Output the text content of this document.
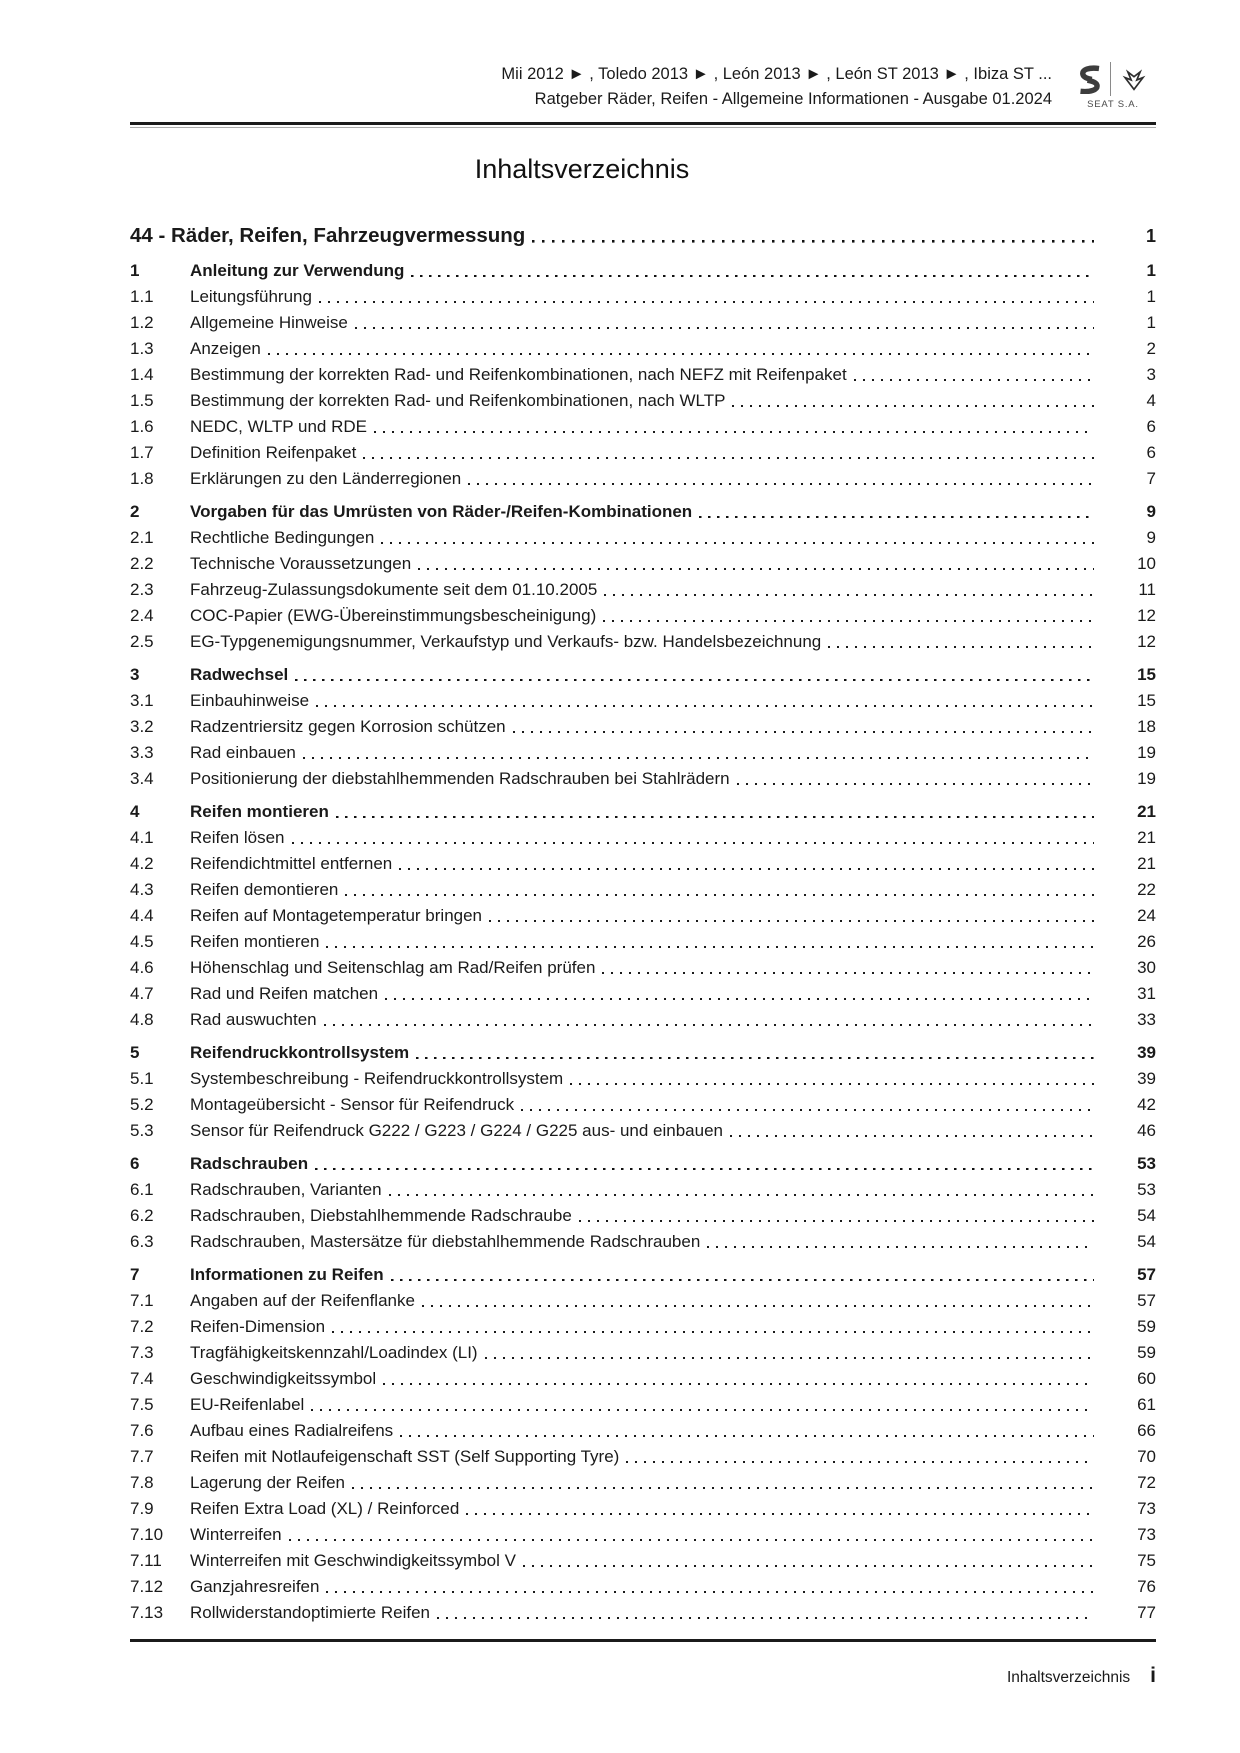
Mii 2012 ► , Toledo 2013 ► , León 2013 ► , León ST 2013 ► , Ibiza ST ...
Ratgeber Räder, Reifen - Allgemeine Informationen - Ausgabe 01.2024	SEAT S.A.
Inhaltsverzeichnis
44 - Räder, Reifen, Fahrzeugvermessung	1
1	Anleitung zur Verwendung	1
1.1	Leitungsführung	1
1.2	Allgemeine Hinweise	1
1.3	Anzeigen	2
1.4	Bestimmung der korrekten Rad- und Reifenkombinationen, nach NEFZ mit Reifenpaket	3
1.5	Bestimmung der korrekten Rad- und Reifenkombinationen, nach WLTP	4
1.6	NEDC, WLTP und RDE	6
1.7	Definition Reifenpaket	6
1.8	Erklärungen zu den Länderregionen	7
2	Vorgaben für das Umrüsten von Räder-/Reifen-Kombinationen	9
2.1	Rechtliche Bedingungen	9
2.2	Technische Voraussetzungen	10
2.3	Fahrzeug-Zulassungsdokumente seit dem 01.10.2005	11
2.4	COC-Papier (EWG-Übereinstimmungsbescheinigung)	12
2.5	EG-Typgenemigungsnummer, Verkaufstyp und Verkaufs- bzw. Handelsbezeichnung	12
3	Radwechsel	15
3.1	Einbauhinweise	15
3.2	Radzentriersitz gegen Korrosion schützen	18
3.3	Rad einbauen	19
3.4	Positionierung der diebstahlhemmenden Radschrauben bei Stahlrädern	19
4	Reifen montieren	21
4.1	Reifen lösen	21
4.2	Reifendichtmittel entfernen	21
4.3	Reifen demontieren	22
4.4	Reifen auf Montagetemperatur bringen	24
4.5	Reifen montieren	26
4.6	Höhenschlag und Seitenschlag am Rad/Reifen prüfen	30
4.7	Rad und Reifen matchen	31
4.8	Rad auswuchten	33
5	Reifendruckkontrollsystem	39
5.1	Systembeschreibung - Reifendruckkontrollsystem	39
5.2	Montageübersicht - Sensor für Reifendruck	42
5.3	Sensor für Reifendruck G222 / G223 / G224 / G225 aus- und einbauen	46
6	Radschrauben	53
6.1	Radschrauben, Varianten	53
6.2	Radschrauben, Diebstahlhemmende Radschraube	54
6.3	Radschrauben, Mastersätze für diebstahlhemmende Radschrauben	54
7	Informationen zu Reifen	57
7.1	Angaben auf der Reifenflanke	57
7.2	Reifen-Dimension	59
7.3	Tragfähigkeitskennzahl/Loadindex (LI)	59
7.4	Geschwindigkeitssymbol	60
7.5	EU-Reifenlabel	61
7.6	Aufbau eines Radialreifens	66
7.7	Reifen mit Notlaufeigenschaft SST (Self Supporting Tyre)	70
7.8	Lagerung der Reifen	72
7.9	Reifen Extra Load (XL) / Reinforced	73
7.10	Winterreifen	73
7.11	Winterreifen mit Geschwindigkeitssymbol V	75
7.12	Ganzjahresreifen	76
7.13	Rollwiderstandoptimierte Reifen	77
Inhaltsverzeichnis i
